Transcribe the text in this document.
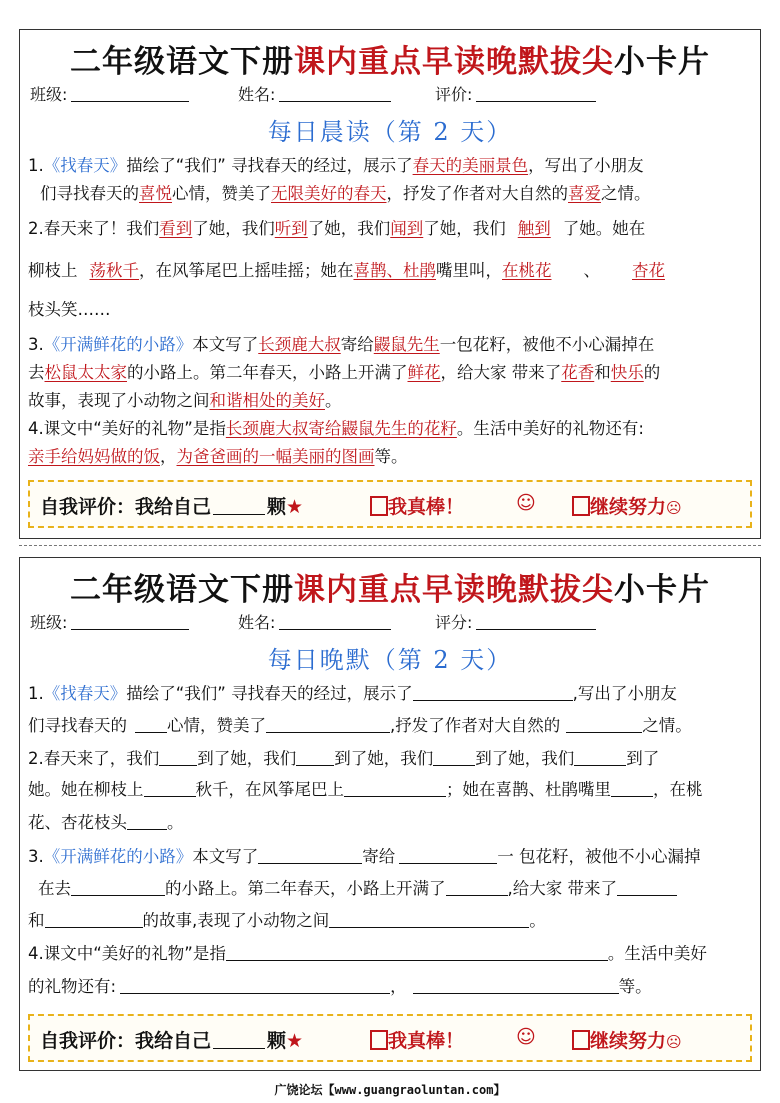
二年级语文下册课内重点早读晚默拔尖小卡片
班级:	姓名:	评价:
每日晨读（第 2 天）
1.《找春天》描绘了“我们” 寻找春天的经过，展示了春天的美丽景色，写出了小朋友
们寻找春天的喜悦心情，赞美了无限美好的春天，抒发了作者对大自然的喜爱之情。
2.春天来了！我们看到了她，我们听到了她，我们闻到了她，我们 触到 了她。她在
柳枝上 荡秋千，在风筝尾巴上摇哇摇；她在喜鹊、杜鹃嘴里叫，在桃花 、 杏花
枝头笑……
3.《开满鲜花的小路》本文写了长颈鹿大叔寄给鼹鼠先生一包花籽，被他不小心漏掉在
去松鼠太太家的小路上。第二年春天，小路上开满了鲜花，给大家 带来了花香和快乐的
故事，表现了小动物之间和谐相处的美好。
4.课文中“美好的礼物”是指长颈鹿大叔寄给鼹鼠先生的花籽。生活中美好的礼物还有:
亲手给妈妈做的饭，为爸爸画的一幅美丽的图画等。
自我评价：我给自己	颗★	我真棒！	☺	继续努力☹
二年级语文下册课内重点早读晚默拔尖小卡片
班级:	姓名:	评分:
每日晚默（第 2 天）
1.《找春天》描绘了“我们” 寻找春天的经过，展示了	,写出了小朋友
们寻找春天的 心情，赞美了	,抒发了作者对大自然的	之情。
2.春天来了，我们 到了她，我们 到了她，我们	到了她，我们	到了
她。她在柳枝上	秋千，在风筝尾巴上	；她在喜鹊、杜鹃嘴里	，在桃
花、杏花枝头 。
3.《开满鲜花的小路》本文写了	寄给	一 包花籽，被他不小心漏掉
在去	的小路上。第二年春天，小路上开满了	,给大家 带来了
和	的故事,表现了小动物之间	。
4.课文中“美好的礼物”是指	。生活中美好
的礼物还有:	，	等。
自我评价：我给自己	颗★	我真棒！	☺	继续努力☹
广饶论坛【www.guangraoluntan.com】
